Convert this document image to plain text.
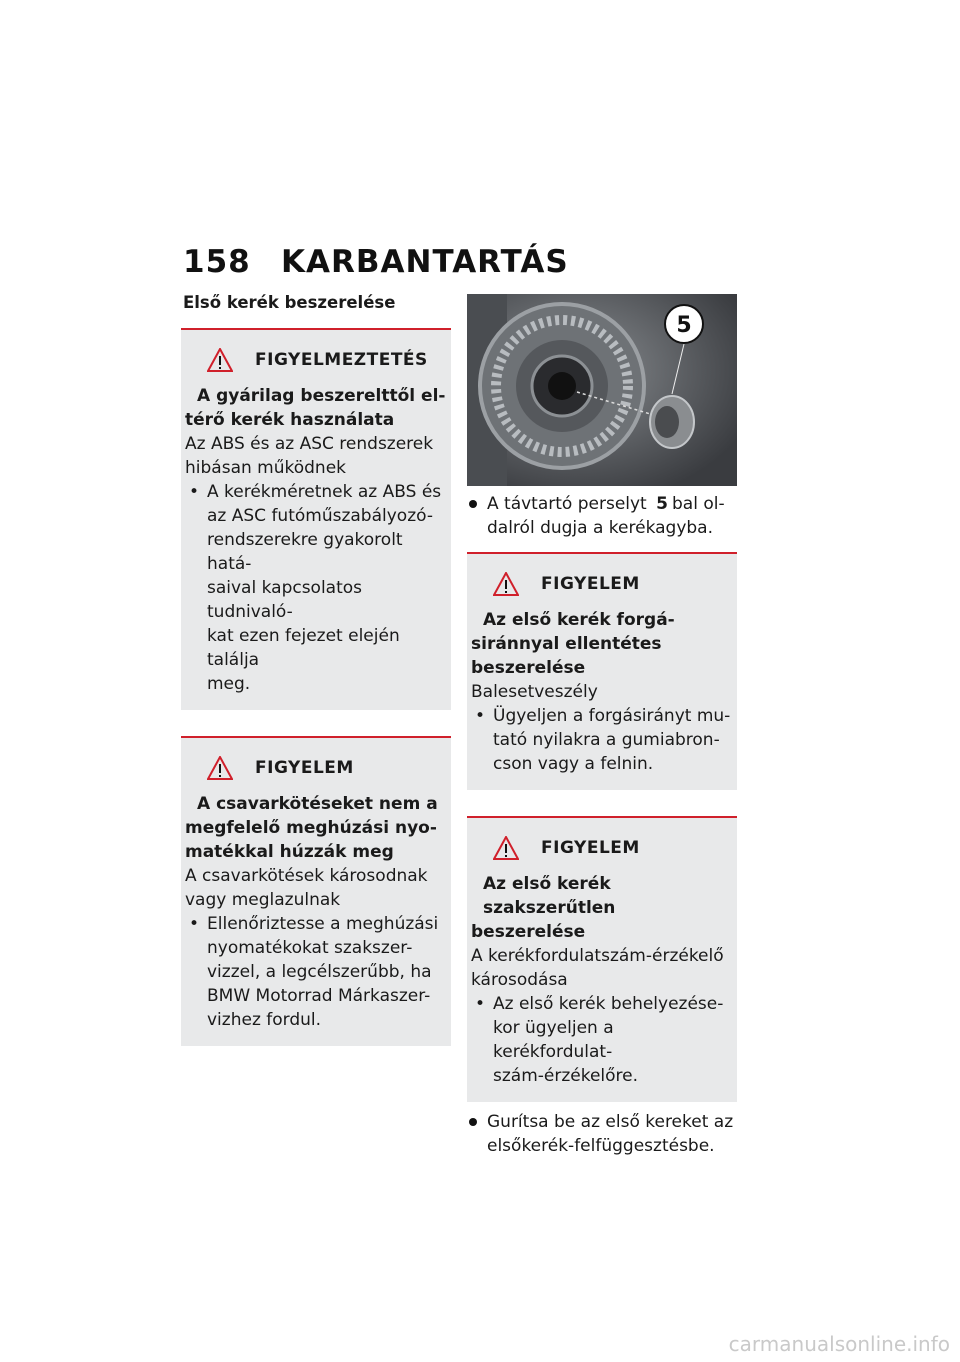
158 KARBANTARTÁS
Első kerék beszerelése
FIGYELMEZTETÉS
A gyárilag beszerelttől el-
térő kerék használata
Az ABS és az ASC rendszerek
hibásan működnek
• A kerékméretnek az ABS és
az ASC futóműszabályozó-
rendszerekre gyakorolt hatá-
saival kapcsolatos tudnivaló-
kat ezen fejezet elején találja
meg.
FIGYELEM
A csavarkötéseket nem a
megfelelő meghúzási nyo-
matékkal húzzák meg
A csavarkötések károsodnak
vagy meglazulnak
• Ellenőriztesse a meghúzási
nyomatékokat szakszer-
vizzel, a legcélszerűbb, ha
BMW Motorrad Márkaszer-
vizhez fordul.
5
A távtartó perselyt 5 bal ol-
dalról dugja a kerékagyba.
FIGYELEM
Az első kerék forgá-
siránnyal ellentétes
beszerelése
Balesetveszély
• Ügyeljen a forgásirányt mu-
tató nyilakra a gumiabron-
cson vagy a felnin.
FIGYELEM
Az első kerék szakszerűtlen
beszerelése
A kerékfordulatszám-érzékelő
károsodása
• Az első kerék behelyezése-
kor ügyeljen a kerékfordulat-
szám-érzékelőre.
Gurítsa be az első kereket az
elsőkerék-felfüggesztésbe.
carmanualsonline.info
